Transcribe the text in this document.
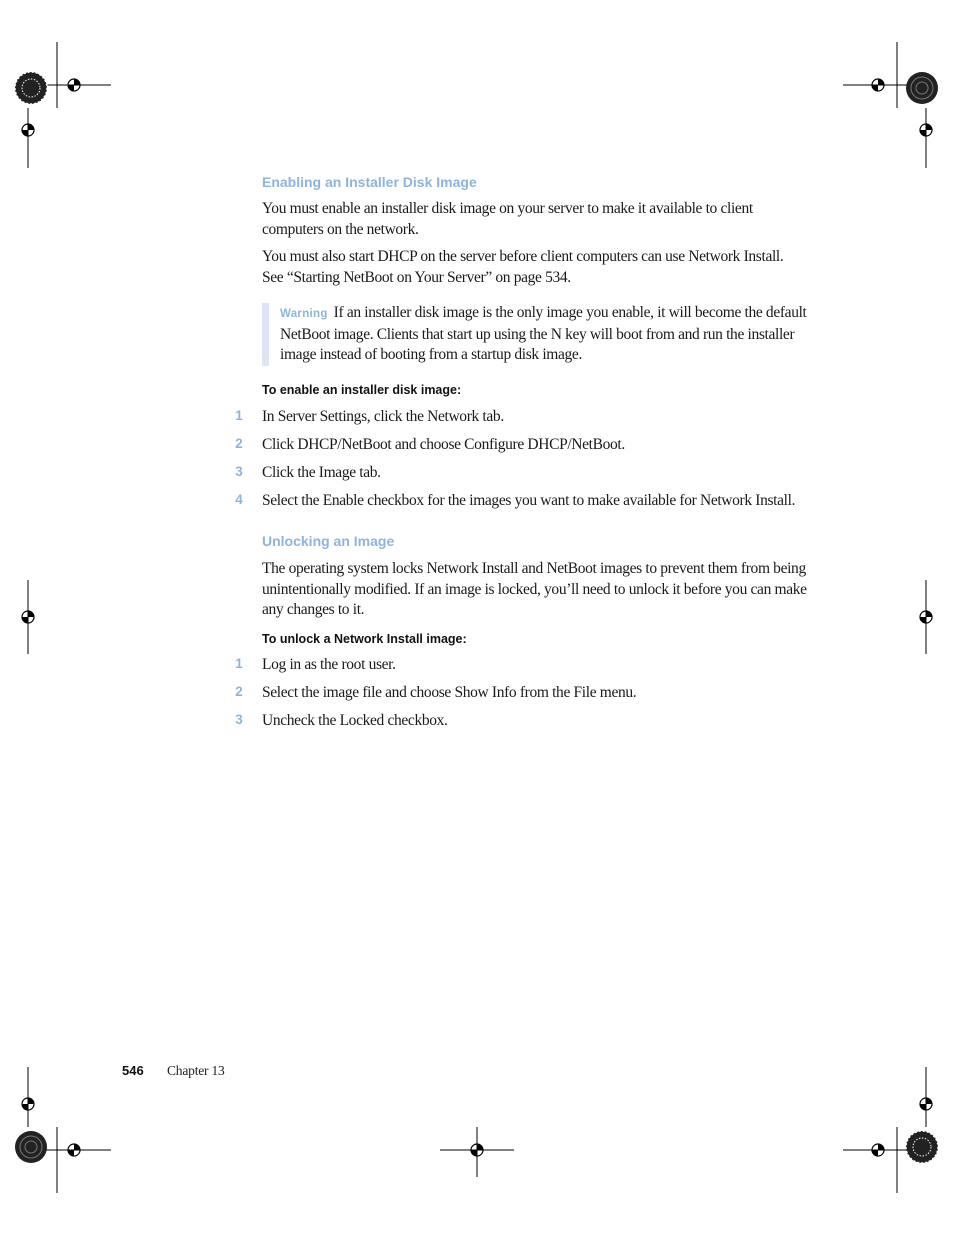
Enabling an Installer Disk Image

You must enable an installer disk image on your server to make it available to client computers on the network.

You must also start DHCP on the server before client computers can use Network Install. See “Starting NetBoot on Your Server” on page 534.

Warning If an installer disk image is the only image you enable, it will become the default NetBoot image. Clients that start up using the N key will boot from and run the installer image instead of booting from a startup disk image.
To enable an installer disk image:
1 In Server Settings, click the Network tab.
2 Click DHCP/NetBoot and choose Configure DHCP/NetBoot.
3 Click the Image tab.
4 Select the Enable checkbox for the images you want to make available for Network Install.
Unlocking an Image

The operating system locks Network Install and NetBoot images to prevent them from being unintentionally modified. If an image is locked, you’ll need to unlock it before you can make any changes to it.

To unlock a Network Install image:
1 Log in as the root user.
2 Select the image file and choose Show Info from the File menu.
3 Uncheck the Locked checkbox.
546 Chapter 13
